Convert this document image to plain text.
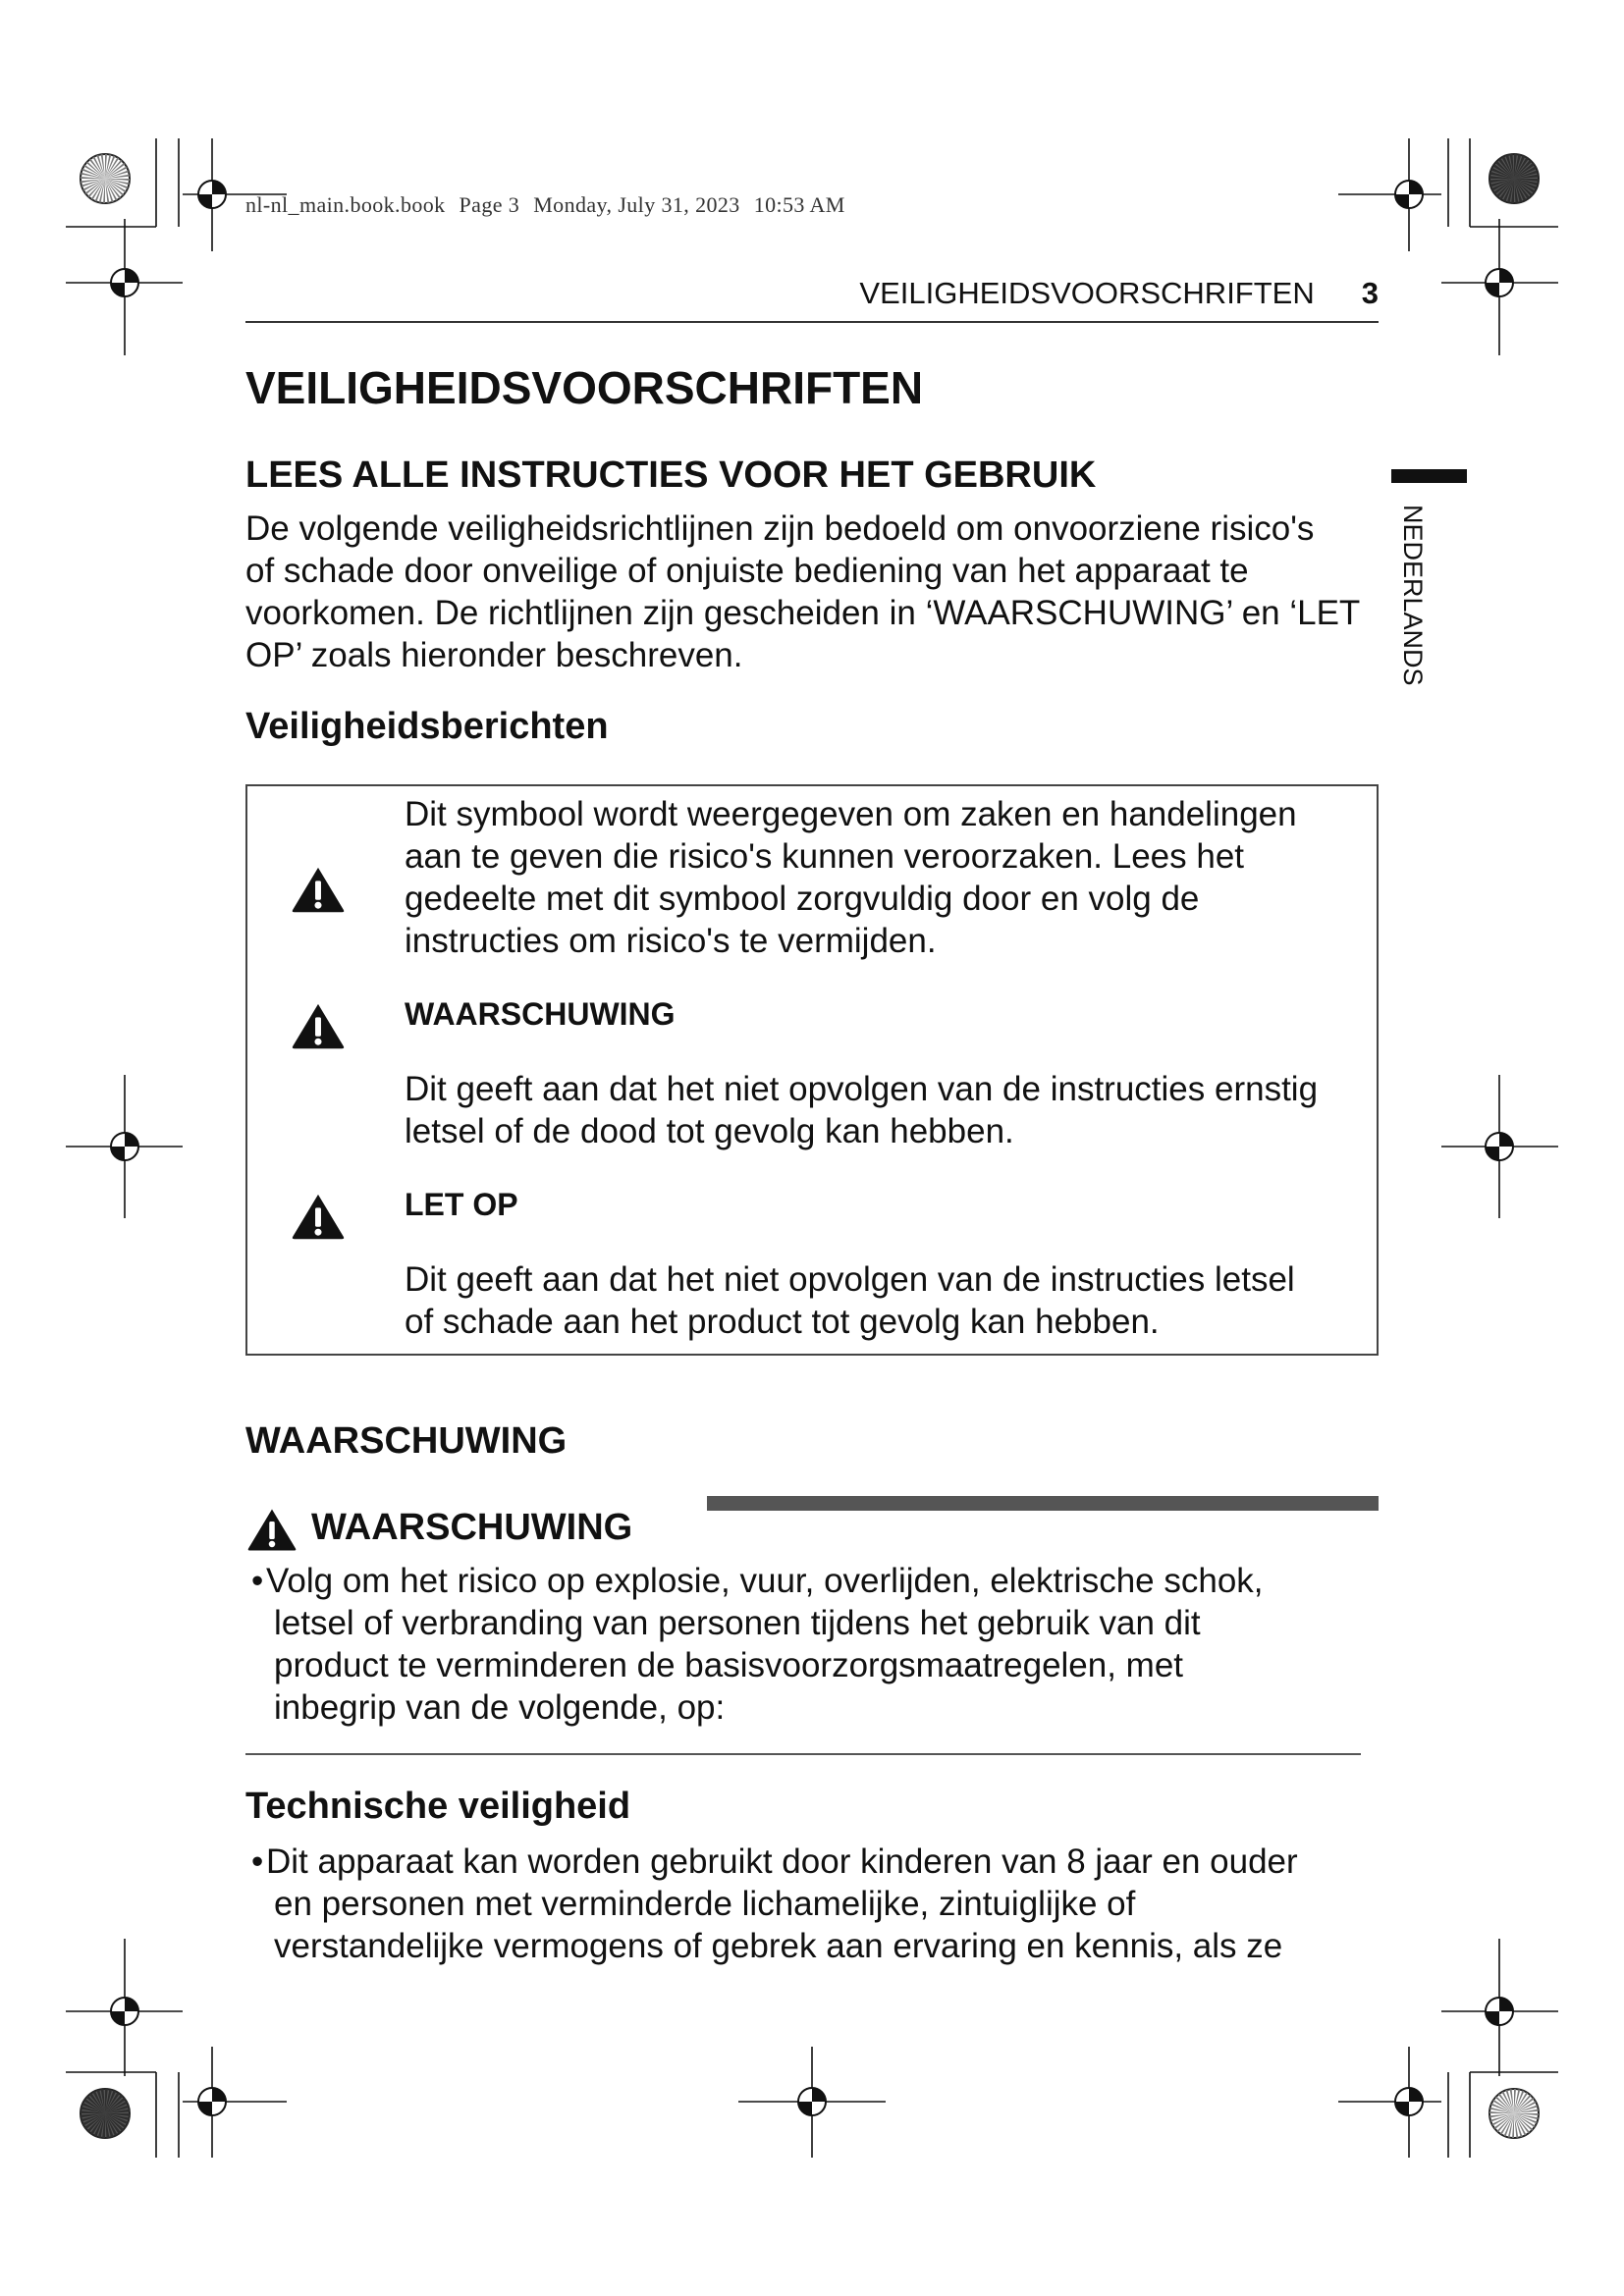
nl-nl_main.book.book Page 3 Monday, July 31, 2023 10:53 AM
VEILIGHEIDSVOORSCHRIFTEN 3
NEDERLANDS
VEILIGHEIDSVOORSCHRIFTEN
LEES ALLE INSTRUCTIES VOOR HET GEBRUIK
De volgende veiligheidsrichtlijnen zijn bedoeld om onvoorziene risico's
of schade door onveilige of onjuiste bediening van het apparaat te
voorkomen. De richtlijnen zijn gescheiden in ‘WAARSCHUWING’ en ‘LET
OP’ zoals hieronder beschreven.
Veiligheidsberichten
Dit symbool wordt weergegeven om zaken en handelingen
aan te geven die risico's kunnen veroorzaken. Lees het
gedeelte met dit symbool zorgvuldig door en volg de
instructies om risico's te vermijden.
WAARSCHUWING
Dit geeft aan dat het niet opvolgen van de instructies ernstig
letsel of de dood tot gevolg kan hebben.
LET OP
Dit geeft aan dat het niet opvolgen van de instructies letsel
of schade aan het product tot gevolg kan hebben.
WAARSCHUWING
WAARSCHUWING
• Volg om het risico op explosie, vuur, overlijden, elektrische schok,
letsel of verbranding van personen tijdens het gebruik van dit
product te verminderen de basisvoorzorgsmaatregelen, met
inbegrip van de volgende, op:
Technische veiligheid
• Dit apparaat kan worden gebruikt door kinderen van 8 jaar en ouder
en personen met verminderde lichamelijke, zintuiglijke of
verstandelijke vermogens of gebrek aan ervaring en kennis, als ze
